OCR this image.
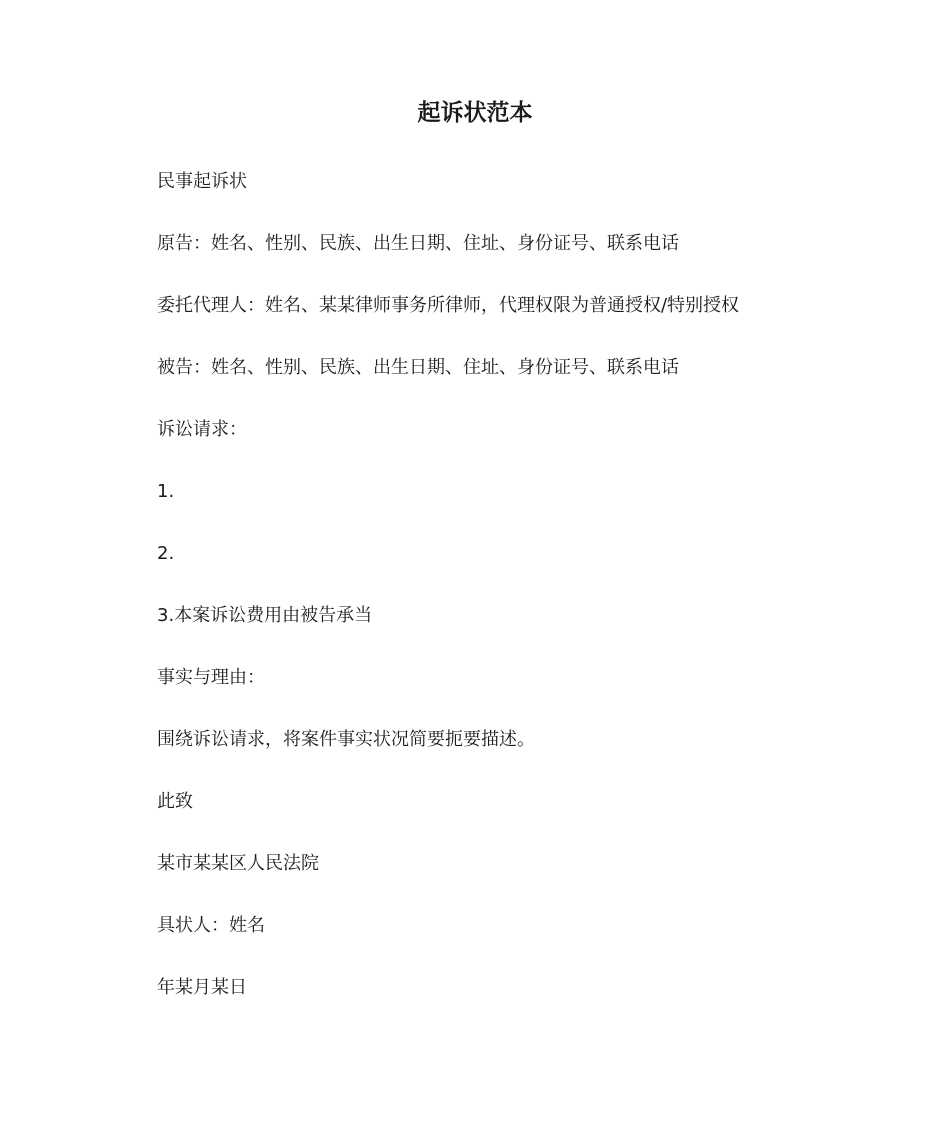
起诉状范本

民事起诉状

原告：姓名、性别、民族、出生日期、住址、身份证号、联系电话

委托代理人：姓名、某某律师事务所律师，代理权限为普通授权/特别授权

被告：姓名、性别、民族、出生日期、住址、身份证号、联系电话

诉讼请求：

1.

2.

3.本案诉讼费用由被告承当

事实与理由：

围绕诉讼请求，将案件事实状况简要扼要描述。

此致

某市某某区人民法院

具状人：姓名

年某月某日
